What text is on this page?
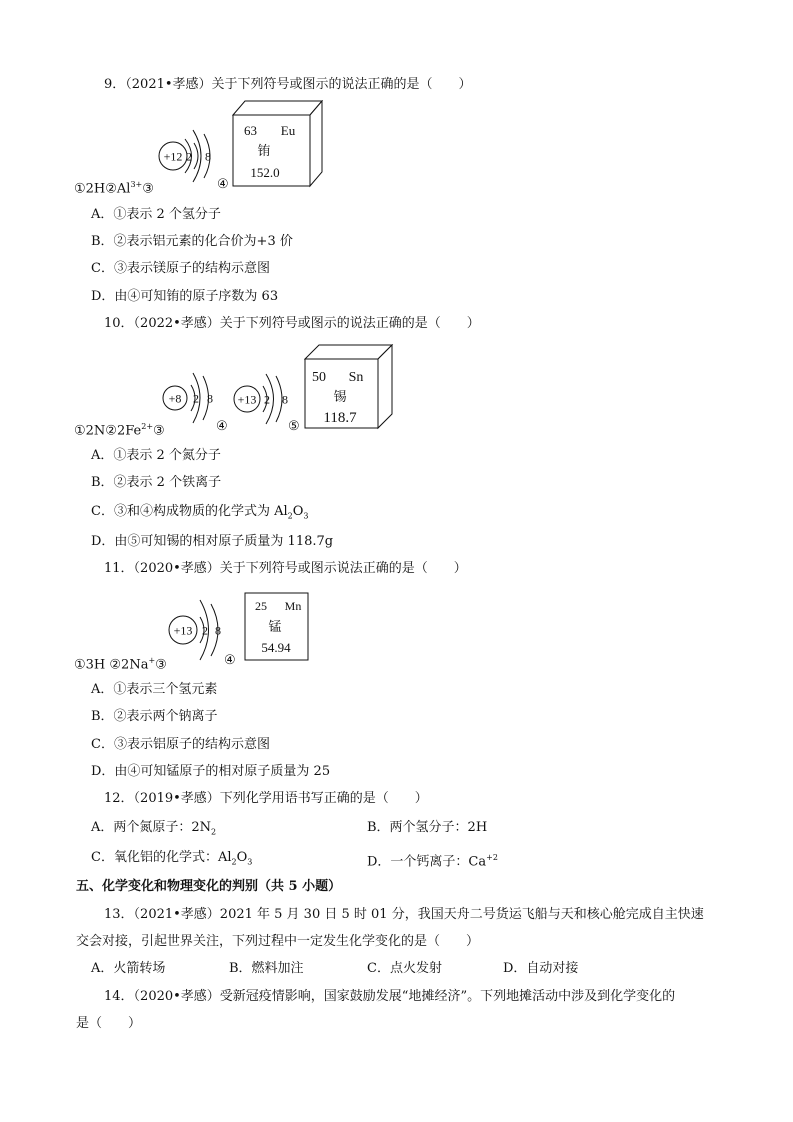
9．（2021•孝感）关于下列符号或图示的说法正确的是（　　）
+12 2 8
63 Eu
铕
152.0
$①2H②Al^{3+}③$	④
A．①表示 2 个氢分子
B．②表示铝元素的化合价为+3 价
C．③表示镁原子的结构示意图
D．由④可知铕的原子序数为 63
10．（2022•孝感）关于下列符号或图示的说法正确的是（　　）
+8 2 8 +13 2 8
50 Sn
锡
118.7
$①2N②2Fe^{2+}③$	④	⑤
A．①表示 2 个氮分子
B．②表示 2 个铁离子
C．③和④构成物质的化学式为 $Al_2O_3$
D．由⑤可知锡的相对原子质量为 118.7g
11．（2020•孝感）关于下列符号或图示说法正确的是（　　）
+13 2 8
25 Mn
锰
54.94
①3H ②2Na+③	④
A．①表示三个氢元素
B．②表示两个钠离子
C．③表示铝原子的结构示意图
D．由④可知锰原子的相对原子质量为 25
12．（2019•孝感）下列化学用语书写正确的是（　　）
A．两个氮原子：$2N_2$	B．两个氢分子：2H
C．氧化铝的化学式：$Al_2O_3$	D．一个钙离子：$Ca^{+2}$
五、化学变化和物理变化的判别（共 5 小题）
13．（2021•孝感）2021 年 5 月 30 日 5 时 01 分，我国天舟二号货运飞船与天和核心舱完成自主快速
交会对接，引起世界关注，下列过程中一定发生化学变化的是（　　）
A．火箭转场	B．燃料加注	C．点火发射	D．自动对接
14．（2020•孝感）受新冠疫情影响，国家鼓励发展“地摊经济”。下列地摊活动中涉及到化学变化的
是（　　）
